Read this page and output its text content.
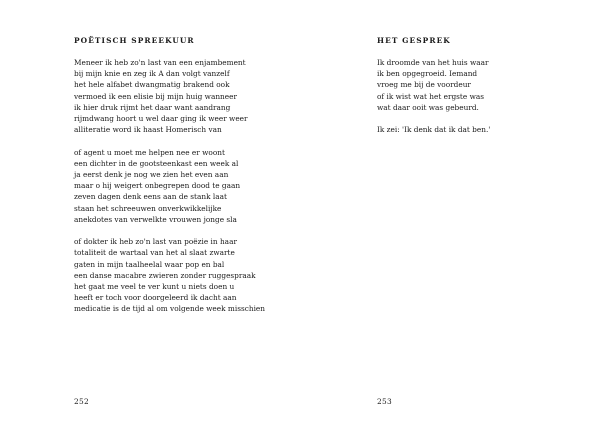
POËTISCH SPREEKUUR
Meneer ik heb zo'n last van een enjambement
bij mijn knie en zeg ik A dan volgt vanzelf
het hele alfabet dwangmatig brakend ook
vermoed ik een elisie bij mijn huig wanneer
ik hier druk rijmt het daar want aandrang
rijmdwang hoort u wel daar ging ik weer weer
alliteratie word ik haast Homerisch van
of agent u moet me helpen nee er woont
een dichter in de gootsteenkast een week al
ja eerst denk je nog we zien het even aan
maar o hij weigert onbegrepen dood te gaan
zeven dagen denk eens aan de stank laat
staan het schreeuwen onverkwikkelijke
anekdotes van verwelkte vrouwen jonge sla
of dokter ik heb zo'n last van poëzie in haar
totaliteit de wartaal van het al slaat zwarte
gaten in mijn taalheelal waar pop en bal
een danse macabre zwieren zonder ruggespraak
het gaat me veel te ver kunt u niets doen u
heeft er toch voor doorgeleerd ik dacht aan
medicatie is de tijd al om volgende week misschien
252
HET GESPREK
Ik droomde van het huis waar
ik ben opgegroeid. Iemand
vroeg me bij de voordeur
of ik wist wat het ergste was
wat daar ooit was gebeurd.
Ik zei: 'Ik denk dat ik dat ben.'
253
